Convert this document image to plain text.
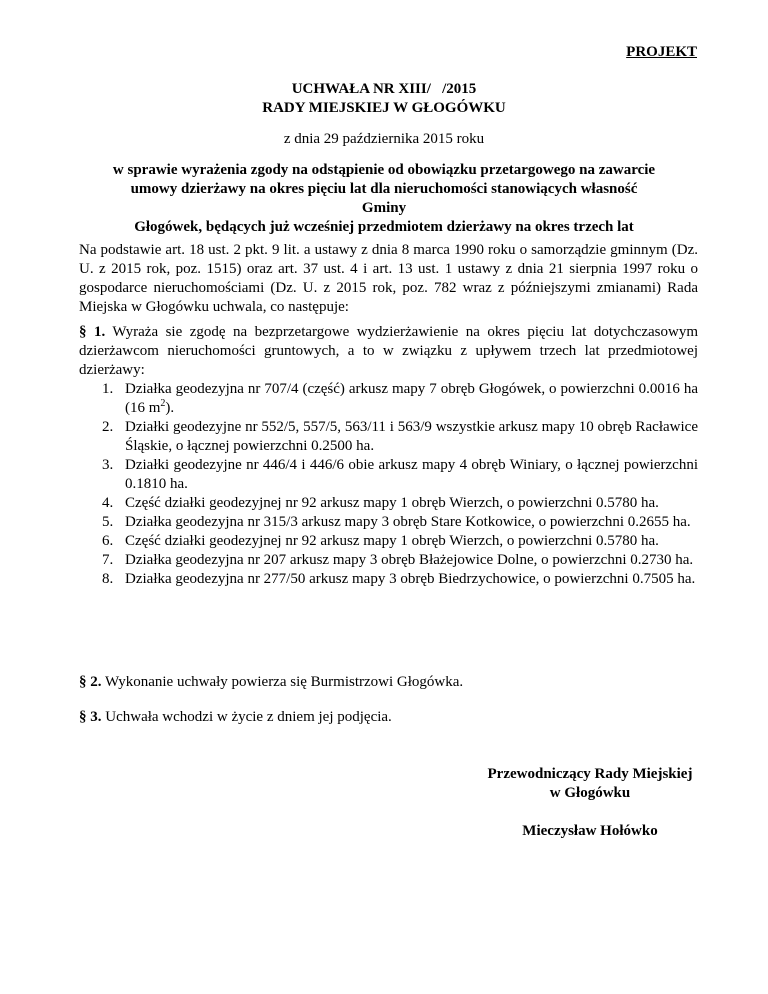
PROJEKT
UCHWAŁA NR XIII/   /2015
RADY MIEJSKIEJ W GŁOGÓWKU
z dnia 29 października 2015 roku
w sprawie wyrażenia zgody na odstąpienie od obowiązku przetargowego na zawarcie
umowy dzierżawy na okres pięciu lat dla nieruchomości stanowiących własność Gminy
Głogówek, będących już wcześniej przedmiotem dzierżawy na okres trzech lat
Na podstawie art. 18 ust. 2 pkt. 9 lit. a ustawy z dnia 8 marca 1990 roku o samorządzie gminnym (Dz. U. z 2015 rok, poz. 1515) oraz art. 37 ust. 4 i art. 13 ust. 1 ustawy z dnia 21 sierpnia 1997 roku o gospodarce nieruchomościami (Dz. U. z 2015 rok, poz. 782 wraz z późniejszymi zmianami) Rada Miejska w Głogówku uchwala, co następuje:
§ 1. Wyraża sie zgodę na bezprzetargowe wydzierżawienie na okres pięciu lat dotychczasowym dzierżawcom nieruchomości gruntowych, a to w związku z upływem trzech lat przedmiotowej dzierżawy:
1. Działka geodezyjna nr 707/4 (część) arkusz mapy 7 obręb Głogówek, o powierzchni 0.0016 ha (16 $m^2$).
2. Działki geodezyjne nr 552/5, 557/5, 563/11 i 563/9 wszystkie arkusz mapy 10 obręb Racławice Śląskie, o łącznej powierzchni 0.2500 ha.
3. Działki geodezyjne nr 446/4 i 446/6 obie arkusz mapy 4 obręb Winiary, o łącznej powierzchni 0.1810 ha.
4. Część działki geodezyjnej nr 92 arkusz mapy 1 obręb Wierzch, o powierzchni 0.5780 ha.
5. Działka geodezyjna nr 315/3 arkusz mapy 3 obręb Stare Kotkowice, o powierzchni 0.2655 ha.
6. Część działki geodezyjnej nr 92 arkusz mapy 1 obręb Wierzch, o powierzchni 0.5780 ha.
7. Działka geodezyjna nr 207 arkusz mapy 3 obręb Błażejowice Dolne, o powierzchni 0.2730 ha.
8. Działka geodezyjna nr 277/50 arkusz mapy 3 obręb Biedrzychowice, o powierzchni 0.7505 ha.
§ 2. Wykonanie uchwały powierza się Burmistrzowi Głogówka.
§ 3. Uchwała wchodzi w życie z dniem jej podjęcia.
Przewodniczący Rady Miejskiej
w Głogówku
Mieczysław Hołówko
